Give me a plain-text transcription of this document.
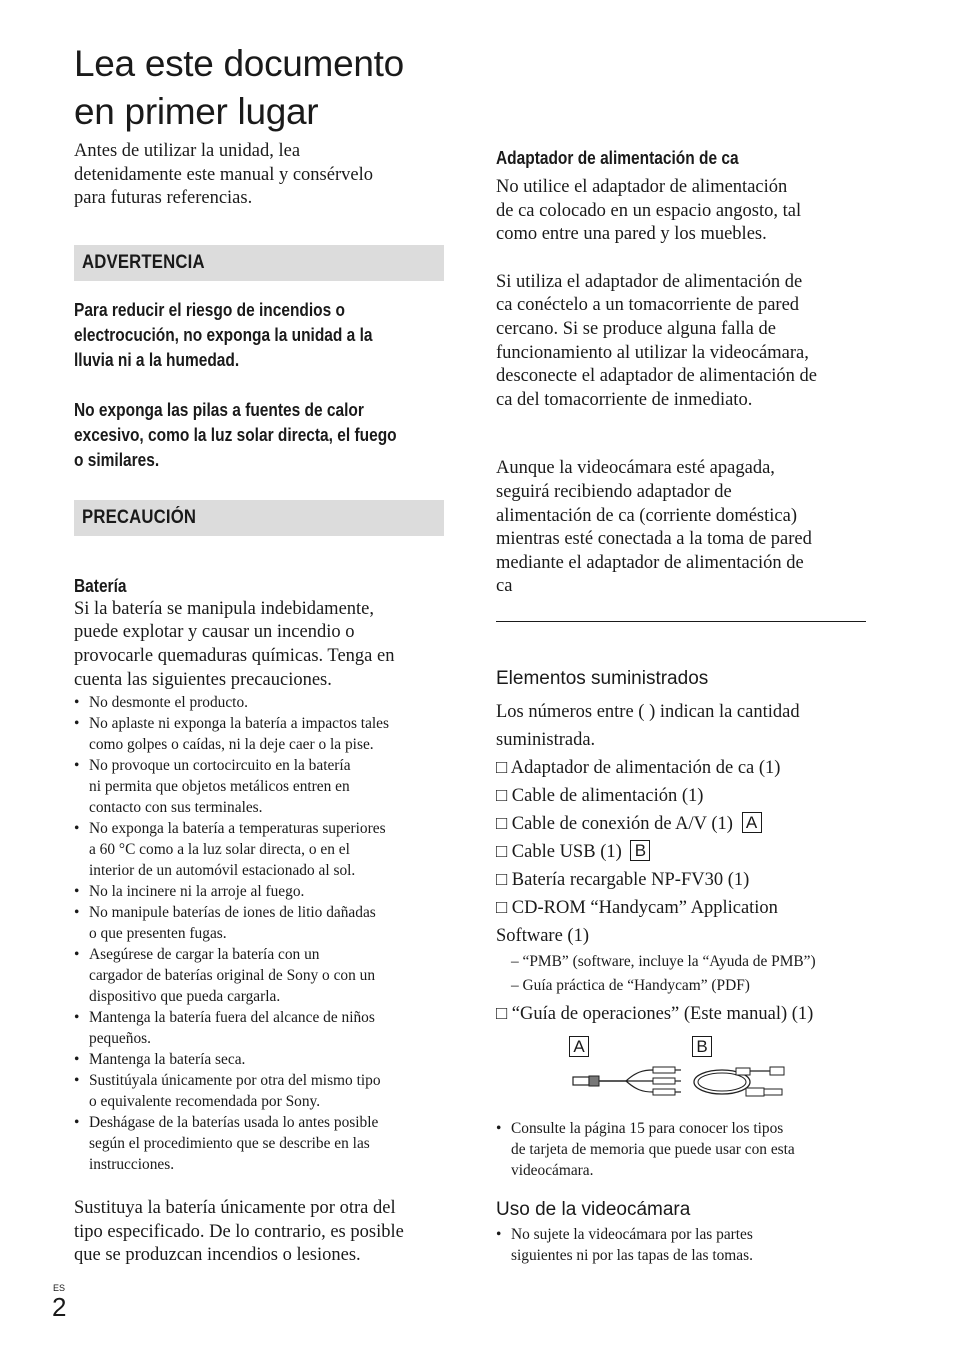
Lea este documento
en primer lugar

Antes de utilizar la unidad, lea
detenidamente este manual y consérvelo
para futuras referencias.

ADVERTENCIA

Para reducir el riesgo de incendios o
electrocución, no exponga la unidad a la
lluvia ni a la humedad.

No exponga las pilas a fuentes de calor
excesivo, como la luz solar directa, el fuego
o similares.

PRECAUCIÓN

Batería

Si la batería se manipula indebidamente,
puede explotar y causar un incendio o
provocarle quemaduras químicas. Tenga en
cuenta las siguientes precauciones.

• No desmonte el producto.
• No aplaste ni exponga la batería a impactos tales
como golpes o caídas, ni la deje caer o la pise.
• No provoque un cortocircuito en la batería
ni permita que objetos metálicos entren en
contacto con sus terminales.
• No exponga la batería a temperaturas superiores
a 60 °C como a la luz solar directa, o en el
interior de un automóvil estacionado al sol.
• No la incinere ni la arroje al fuego.
• No manipule baterías de iones de litio dañadas
o que presenten fugas.
• Asegúrese de cargar la batería con un
cargador de baterías original de Sony o con un
dispositivo que pueda cargarla.
• Mantenga la batería fuera del alcance de niños
pequeños.
• Mantenga la batería seca.
• Sustitúyala únicamente por otra del mismo tipo
o equivalente recomendada por Sony.
• Deshágase de la baterías usada lo antes posible
según el procedimiento que se describe en las
instrucciones.

Sustituya la batería únicamente por otra del
tipo especificado. De lo contrario, es posible
que se produzcan incendios o lesiones.

Adaptador de alimentación de ca

No utilice el adaptador de alimentación
de ca colocado en un espacio angosto, tal
como entre una pared y los muebles.

Si utiliza el adaptador de alimentación de
ca conéctelo a un tomacorriente de pared
cercano. Si se produce alguna falla de
funcionamiento al utilizar la videocámara,
desconecte el adaptador de alimentación de
ca del tomacorriente de inmediato.

Aunque la videocámara esté apagada,
seguirá recibiendo adaptador de
alimentación de ca (corriente doméstica)
mientras esté conectada a la toma de pared
mediante el adaptador de alimentación de
ca

Elementos suministrados

Los números entre ( ) indican la cantidad
suministrada.

□ Adaptador de alimentación de ca (1)

□ Cable de alimentación (1)

□ Cable de conexión de A/V (1) A

□ Cable USB (1) B

□ Batería recargable NP-FV30 (1)

□ CD-ROM “Handycam” Application
Software (1)

– “PMB” (software, incluye la “Ayuda de PMB”)
– Guía práctica de “Handycam” (PDF)

□ “Guía de operaciones” (Este manual) (1)

A	B
• Consulte la página 15 para conocer los tipos
de tarjeta de memoria que puede usar con esta
videocámara.

Uso de la videocámara

• No sujete la videocámara por las partes
siguientes ni por las tapas de las tomas.
ES
2
